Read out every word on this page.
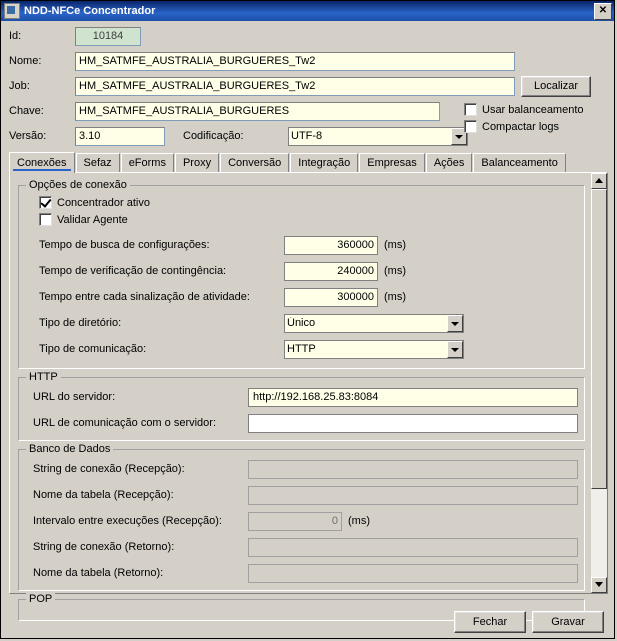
NDD-NFCe Concentrador	✕
Id:
10184
Nome:
HM_SATMFE_AUSTRALIA_BURGUERES_Tw2
Job:
HM_SATMFE_AUSTRALIA_BURGUERES_Tw2	Localizar
Chave:
HM_SATMFE_AUSTRALIA_BURGUERES
Versão:
3.10	Codificação:
UTF-8
Usar balanceamento
Compactar logs
Conexões	Sefaz	eForms	Proxy	Conversão	Integração	Empresas	Ações	Balanceamento
Opções de conexão
Concentrador ativo
Validar Agente
Tempo de busca de configurações:
360000	(ms)
Tempo de verificação de contingência:
240000	(ms)
Tempo entre cada sinalização de atividade:
300000	(ms)
Tipo de diretório:
Único
Tipo de comunicação:
HTTP
HTTP
URL do servidor:
http://192.168.25.83:8084
URL de comunicação com o servidor:
Banco de Dados
String de conexão (Recepção):
Nome da tabela (Recepção):
Intervalo entre execuções (Recepção):
0	(ms)
String de conexão (Retorno):
Nome da tabela (Retorno):
POP
Fechar	Gravar
